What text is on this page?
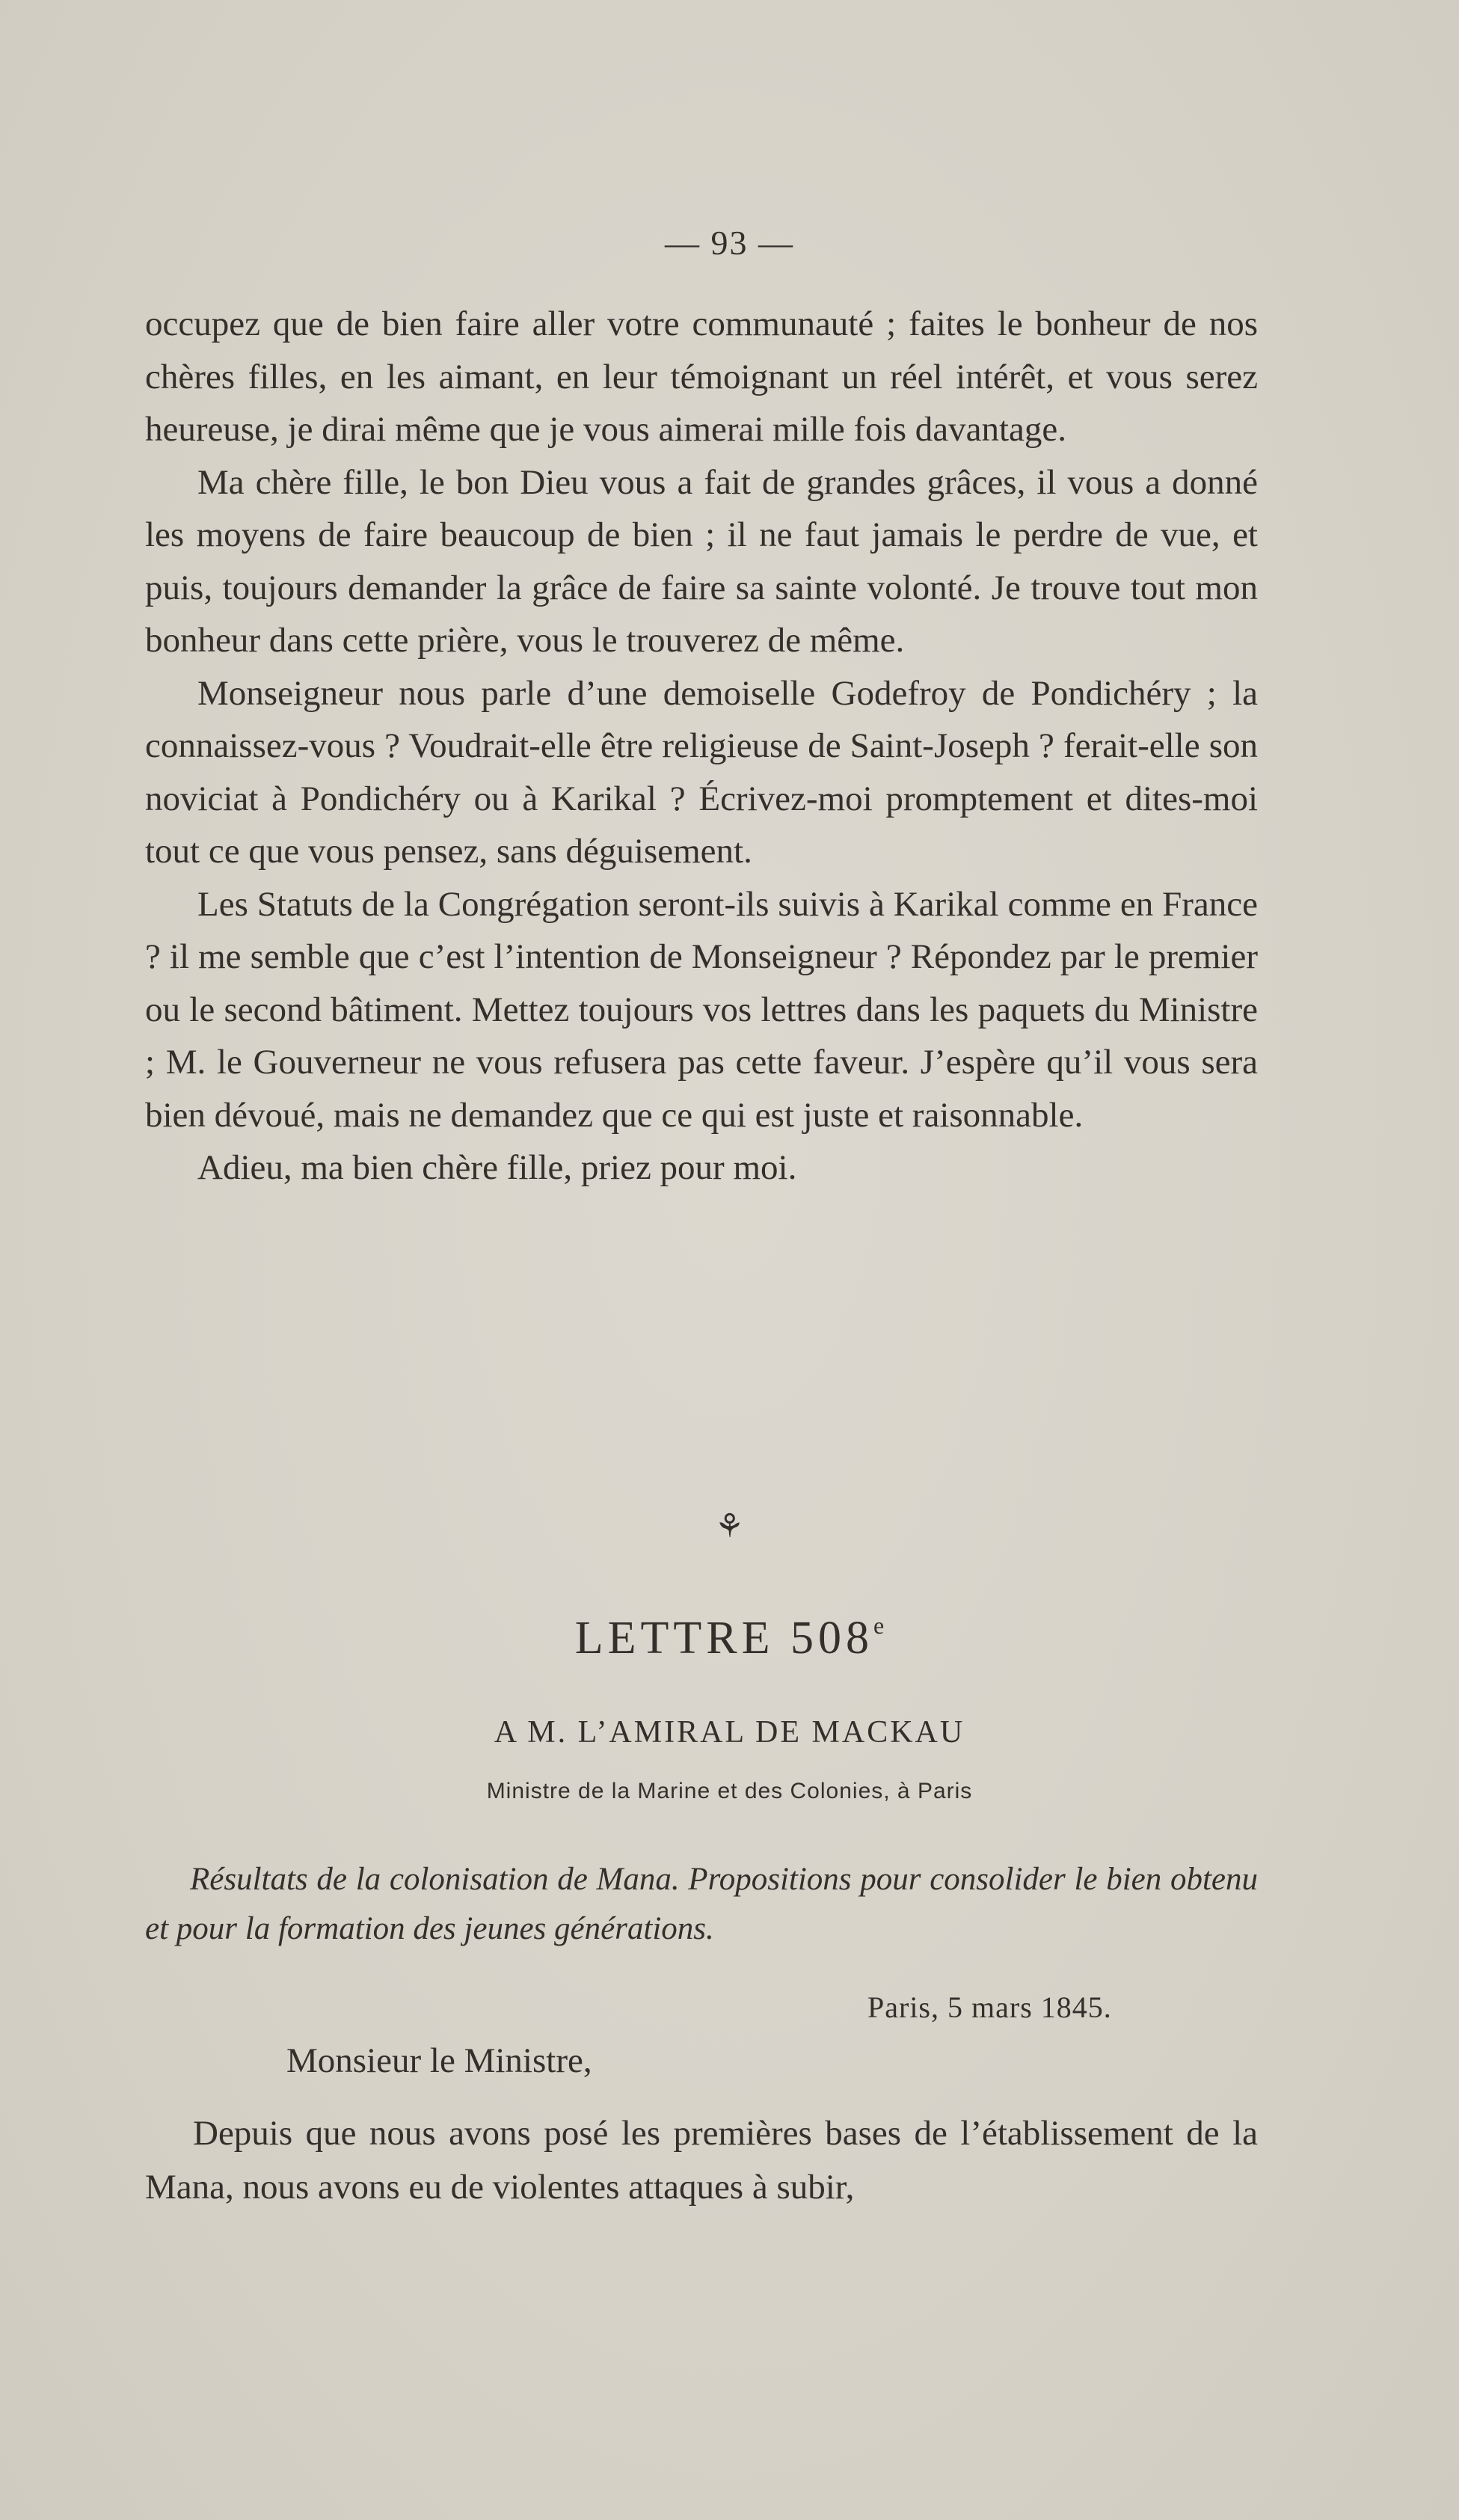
— 93 —

occupez que de bien faire aller votre communauté ; faites le bonheur de nos chères filles, en les aimant, en leur témoignant un réel intérêt, et vous serez heureuse, je dirai même que je vous aimerai mille fois davantage.

Ma chère fille, le bon Dieu vous a fait de grandes grâces, il vous a donné les moyens de faire beaucoup de bien ; il ne faut jamais le perdre de vue, et puis, toujours demander la grâce de faire sa sainte volonté. Je trouve tout mon bonheur dans cette prière, vous le trouverez de même.

Monseigneur nous parle d’une demoiselle Godefroy de Pondichéry ; la connaissez-vous ? Voudrait-elle être religieuse de Saint-Joseph ? ferait-elle son noviciat à Pondichéry ou à Karikal ? Écrivez-moi promptement et dites-moi tout ce que vous pensez, sans déguisement.

Les Statuts de la Congrégation seront-ils suivis à Karikal comme en France ? il me semble que c’est l’intention de Monseigneur ? Répondez par le premier ou le second bâtiment. Mettez toujours vos lettres dans les paquets du Ministre ; M. le Gouverneur ne vous refusera pas cette faveur. J’espère qu’il vous sera bien dévoué, mais ne demandez que ce qui est juste et raisonnable.

Adieu, ma bien chère fille, priez pour moi.

⚘
LETTRE 508e
A M. L’AMIRAL DE MACKAU
Ministre de la Marine et des Colonies, à Paris
Résultats de la colonisation de Mana. Propositions pour consolider le bien obtenu et pour la formation des jeunes générations.
Paris, 5 mars 1845.
Monsieur le Ministre,
Depuis que nous avons posé les premières bases de l’établissement de la Mana, nous avons eu de violentes attaques à subir,
